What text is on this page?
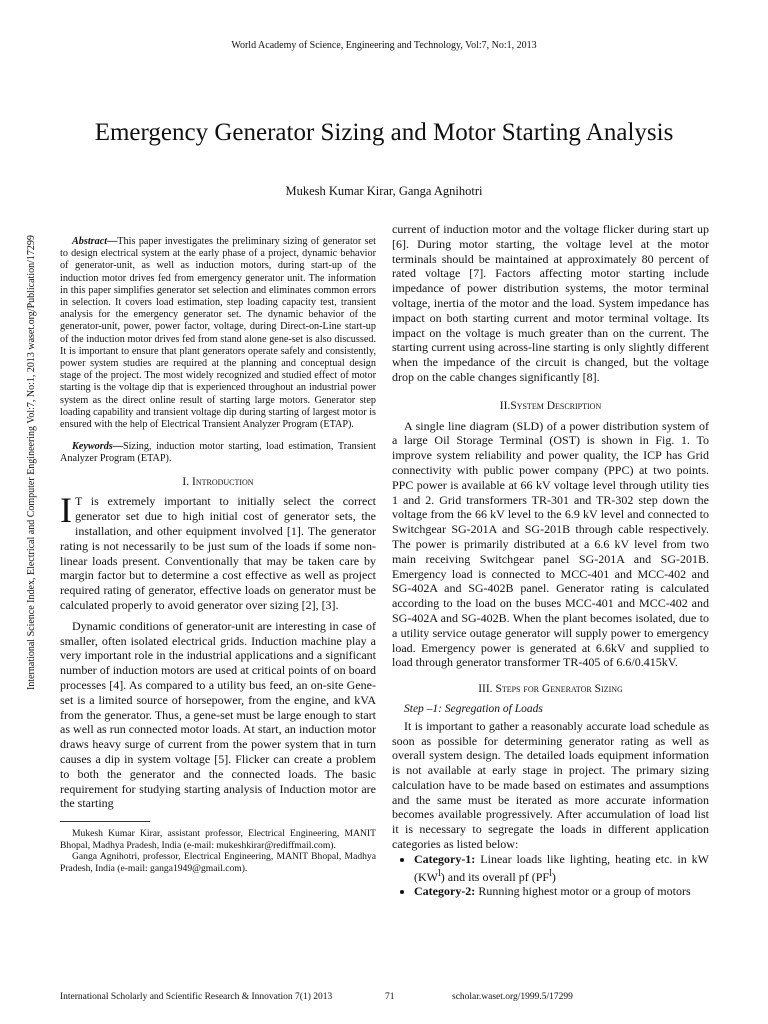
World Academy of Science, Engineering and Technology, Vol:7, No:1, 2013
Emergency Generator Sizing and Motor Starting Analysis
Mukesh Kumar Kirar, Ganga Agnihotri
International Science Index, Electrical and Computer Engineering Vol:7, No:1, 2013 waset.org/Publication/17299	Abstract—This paper investigates the preliminary sizing of generator set to design electrical system at the early phase of a project, dynamic behavior of generator-unit, as well as induction motors, during start-up of the induction motor drives fed from emergency generator unit. The information in this paper simplifies generator set selection and eliminates common errors in selection. It covers load estimation, step loading capacity test, transient analysis for the emergency generator set. The dynamic behavior of the generator-unit, power, power factor, voltage, during Direct-on-Line start-up of the induction motor drives fed from stand alone gene-set is also discussed. It is important to ensure that plant generators operate safely and consistently, power system studies are required at the planning and conceptual design stage of the project. The most widely recognized and studied effect of motor starting is the voltage dip that is experienced throughout an industrial power system as the direct online result of starting large motors. Generator step loading capability and transient voltage dip during starting of largest motor is ensured with the help of Electrical Transient Analyzer Program (ETAP).

Keywords—Sizing, induction motor starting, load estimation, Transient Analyzer Program (ETAP).

I. Introduction

I T is extremely important to initially select the correct generator set due to high initial cost of generator sets, the installation, and other equipment involved [1]. The generator rating is not necessarily to be just sum of the loads if some non-linear loads present. Conventionally that may be taken care by margin factor but to determine a cost effective as well as project required rating of generator, effective loads on generator must be calculated properly to avoid generator over sizing [2], [3].

Dynamic conditions of generator-unit are interesting in case of smaller, often isolated electrical grids. Induction machine play a very important role in the industrial applications and a significant number of induction motors are used at critical points of on board processes [4]. As compared to a utility bus feed, an on-site Gene-set is a limited source of horsepower, from the engine, and kVA from the generator. Thus, a gene-set must be large enough to start as well as run connected motor loads. At start, an induction motor draws heavy surge of current from the power system that in turn causes a dip in system voltage [5]. Flicker can create a problem to both the generator and the connected loads. The basic requirement for studying starting analysis of Induction motor are the starting

Mukesh Kumar Kirar, assistant professor, Electrical Engineering, MANIT Bhopal, Madhya Pradesh, India (e-mail: mukeshkirar@rediffmail.com).

Ganga Agnihotri, professor, Electrical Engineering, MANIT Bhopal, Madhya Pradesh, India (e-mail: ganga1949@gmail.com).

current of induction motor and the voltage flicker during start up [6]. During motor starting, the voltage level at the motor terminals should be maintained at approximately 80 percent of rated voltage [7]. Factors affecting motor starting include impedance of power distribution systems, the motor terminal voltage, inertia of the motor and the load. System impedance has impact on both starting current and motor terminal voltage. Its impact on the voltage is much greater than on the current. The starting current using across-line starting is only slightly different when the impedance of the circuit is changed, but the voltage drop on the cable changes significantly [8].

II.System Description

A single line diagram (SLD) of a power distribution system of a large Oil Storage Terminal (OST) is shown in Fig. 1. To improve system reliability and power quality, the ICP has Grid connectivity with public power company (PPC) at two points. PPC power is available at 66 kV voltage level through utility ties 1 and 2. Grid transformers TR-301 and TR-302 step down the voltage from the 66 kV level to the 6.9 kV level and connected to Switchgear SG-201A and SG-201B through cable respectively. The power is primarily distributed at a 6.6 kV level from two main receiving Switchgear panel SG-201A and SG-201B. Emergency load is connected to MCC-401 and MCC-402 and SG-402A and SG-402B panel. Generator rating is calculated according to the load on the buses MCC-401 and MCC-402 and SG-402A and SG-402B. When the plant becomes isolated, due to a utility service outage generator will supply power to emergency load. Emergency power is generated at 6.6kV and supplied to load through generator transformer TR-405 of 6.6/0.415kV.

III. Steps for Generator Sizing

Step –1: Segregation of Loads

It is important to gather a reasonably accurate load schedule as soon as possible for determining generator rating as well as overall system design. The detailed loads equipment information is not available at early stage in project. The primary sizing calculation have to be made based on estimates and assumptions and the same must be iterated as more accurate information becomes available progressively. After accumulation of load list it is necessary to segregate the loads in different application categories as listed below:

• Category-1: Linear loads like lighting, heating etc. in kW $(KW^l)$ and its overall pf $(PF^l)$
• Category-2: Running highest motor or a group of motors
International Scholarly and Scientific Research & Innovation 7(1) 2013	71	scholar.waset.org/1999.5/17299
